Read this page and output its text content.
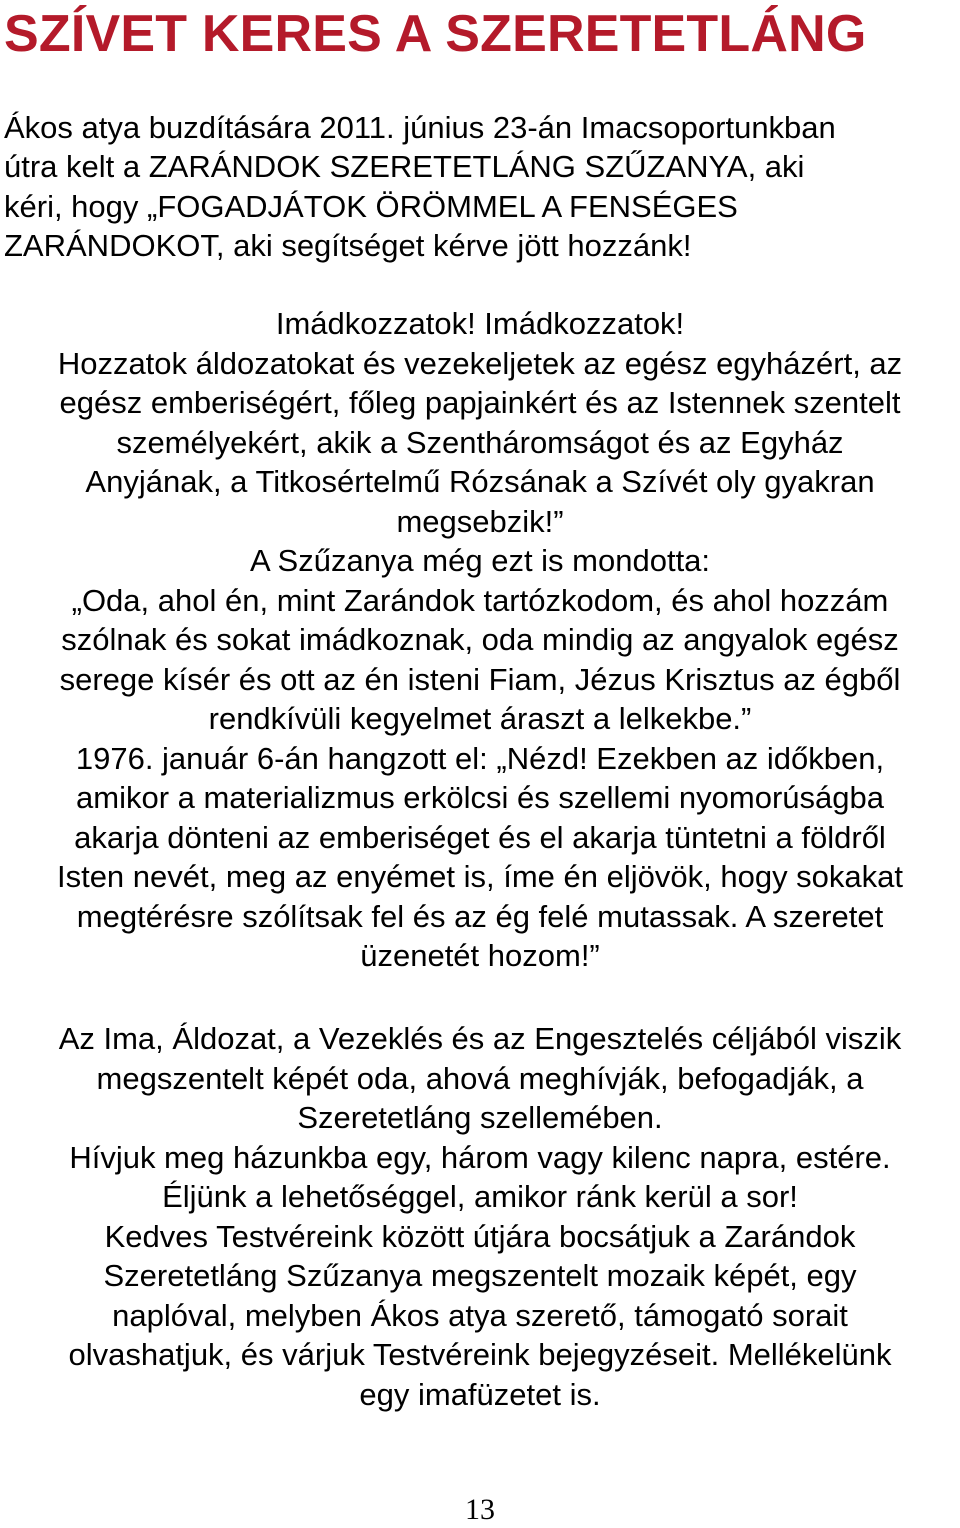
SZÍVET KERES A SZERETETLÁNG

Ákos atya buzdítására 2011. június 23-án Imacsoportunkban
útra kelt a ZARÁNDOK SZERETETLÁNG SZŰZANYA, aki
kéri, hogy „FOGADJÁTOK ÖRÖMMEL A FENSÉGES
ZARÁNDOKOT, aki segítséget kérve jött hozzánk!

Imádkozzatok! Imádkozzatok!
Hozzatok áldozatokat és vezekeljetek az egész egyházért, az
egész emberiségért, főleg papjainkért és az Istennek szentelt
személyekért, akik a Szentháromságot és az Egyház
Anyjának, a Titkosértelmű Rózsának a Szívét oly gyakran
megsebzik!”
A Szűzanya még ezt is mondotta:
„Oda, ahol én, mint Zarándok tartózkodom, és ahol hozzám
szólnak és sokat imádkoznak, oda mindig az angyalok egész
serege kísér és ott az én isteni Fiam, Jézus Krisztus az égből
rendkívüli kegyelmet áraszt a lelkekbe.”
1976. január 6-án hangzott el: „Nézd! Ezekben az időkben,
amikor a materializmus erkölcsi és szellemi nyomorúságba
akarja dönteni az emberiséget és el akarja tüntetni a földről
Isten nevét, meg az enyémet is, íme én eljövök, hogy sokakat
megtérésre szólítsak fel és az ég felé mutassak. A szeretet
üzenetét hozom!”

Az Ima, Áldozat, a Vezeklés és az Engesztelés céljából viszik
megszentelt képét oda, ahová meghívják, befogadják, a
Szeretetláng szellemében.
Hívjuk meg házunkba egy, három vagy kilenc napra, estére.
Éljünk a lehetőséggel, amikor ránk kerül a sor!
Kedves Testvéreink között útjára bocsátjuk a Zarándok
Szeretetláng Szűzanya megszentelt mozaik képét, egy
naplóval, melyben Ákos atya szerető, támogató sorait
olvashatjuk, és várjuk Testvéreink bejegyzéseit. Mellékelünk
egy imafüzetet is.

13
